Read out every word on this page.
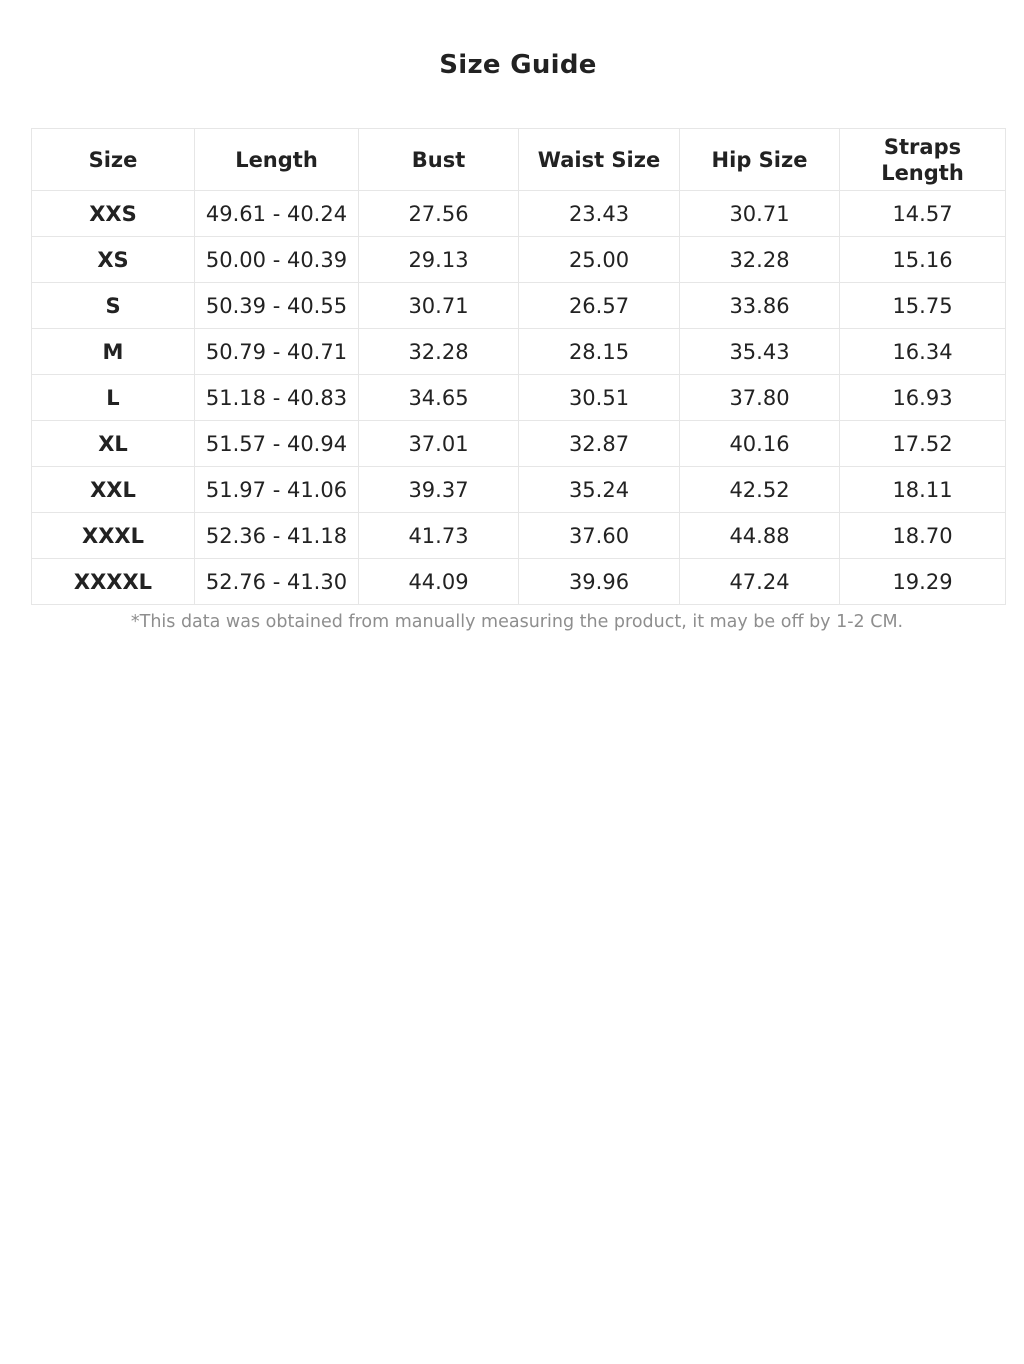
Size Guide
Size	Length	Bust	Waist Size	Hip Size	Straps
Length
XXS	49.61 - 40.24	27.56	23.43	30.71	14.57
XS	50.00 - 40.39	29.13	25.00	32.28	15.16
S	50.39 - 40.55	30.71	26.57	33.86	15.75
M	50.79 - 40.71	32.28	28.15	35.43	16.34
L	51.18 - 40.83	34.65	30.51	37.80	16.93
XL	51.57 - 40.94	37.01	32.87	40.16	17.52
XXL	51.97 - 41.06	39.37	35.24	42.52	18.11
XXXL	52.36 - 41.18	41.73	37.60	44.88	18.70
XXXXL	52.76 - 41.30	44.09	39.96	47.24	19.29
*This data was obtained from manually measuring the product, it may be off by 1-2 CM.
